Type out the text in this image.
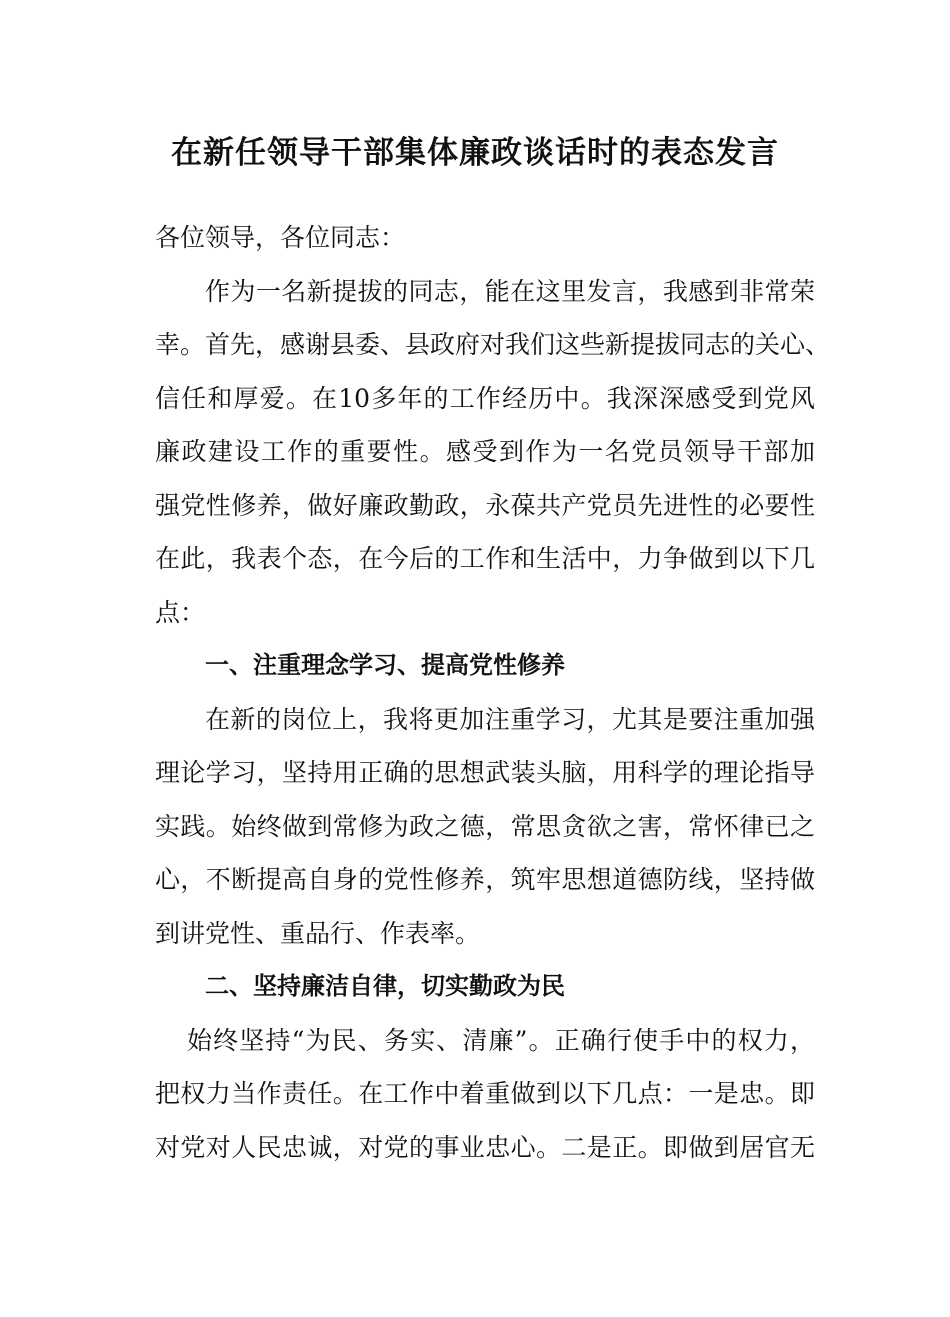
在新任领导干部集体廉政谈话时的表态发言
各位领导，各位同志：
作为一名新提拔的同志，能在这里发言，我感到非常荣
幸。首先，感谢县委、县政府对我们这些新提拔同志的关心、
信任和厚爱。在10多年的工作经历中。我深深感受到党风
廉政建设工作的重要性。感受到作为一名党员领导干部加
强党性修养，做好廉政勤政，永葆共产党员先进性的必要性
在此，我表个态，在今后的工作和生活中，力争做到以下几
点：
一、注重理念学习、提高党性修养
在新的岗位上，我将更加注重学习，尤其是要注重加强
理论学习，坚持用正确的思想武装头脑，用科学的理论指导
实践。始终做到常修为政之德，常思贪欲之害，常怀律已之
心，不断提高自身的党性修养，筑牢思想道德防线，坚持做
到讲党性、重品行、作表率。
二、坚持廉洁自律，切实勤政为民
始终坚持“为民、务实、清廉”。正确行使手中的权力，
把权力当作责任。在工作中着重做到以下几点：一是忠。即
对党对人民忠诚，对党的事业忠心。二是正。即做到居官无
